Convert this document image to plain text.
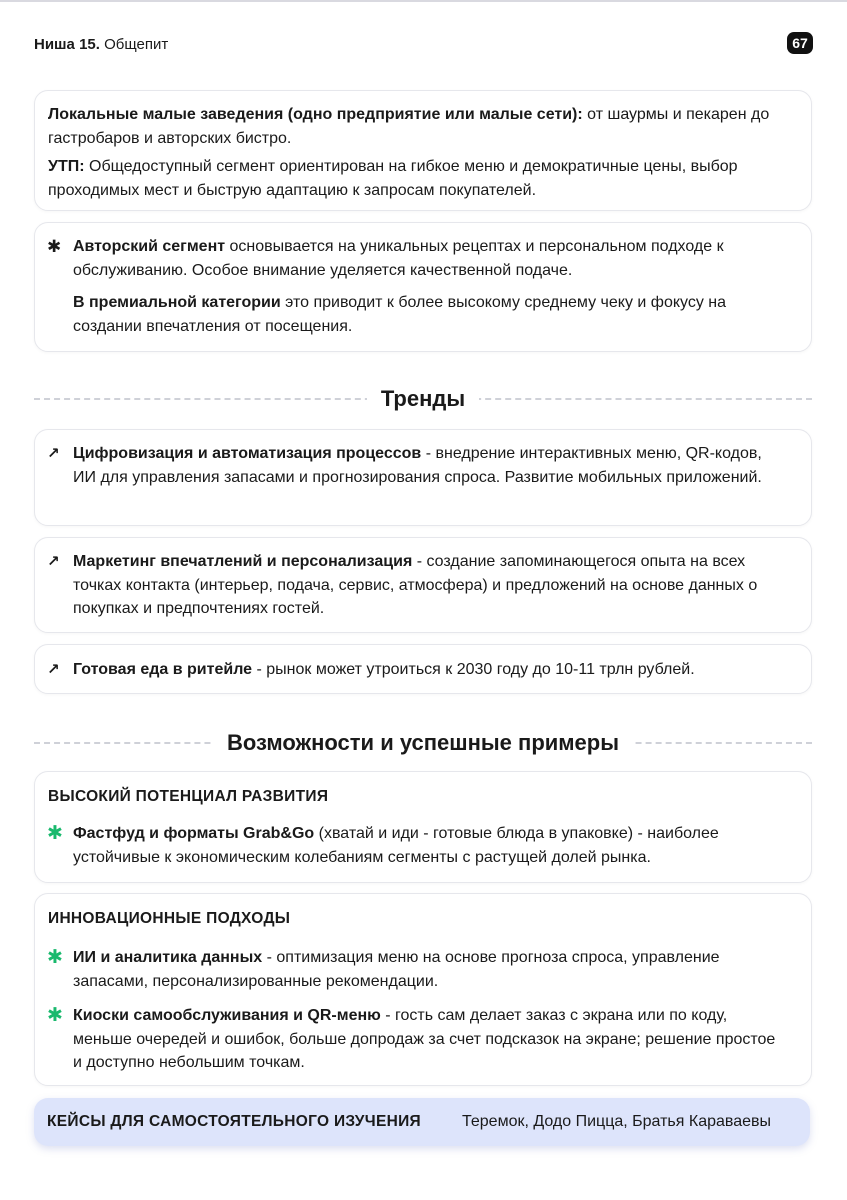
Ниша 15. Общепит	67
Локальные малые заведения (одно предприятие или малые сети): от шаурмы и пекарен до гастробаров и авторских бистро.
УТП: Общедоступный сегмент ориентирован на гибкое меню и демократичные цены, выбор проходимых мест и быструю адаптацию к запросам покупателей.
✱ Авторский сегмент основывается на уникальных рецептах и персональном подходе к обслуживанию. Особое внимание уделяется качественной подаче.
В премиальной категории это приводит к более высокому среднему чеку и фокусу на создании впечатления от посещения.
Тренды
↗ Цифровизация и автоматизация процессов - внедрение интерактивных меню, QR-кодов, ИИ для управления запасами и прогнозирования спроса. Развитие мобильных приложений.
↗ Маркетинг впечатлений и персонализация - создание запоминающегося опыта на всех точках контакта (интерьер, подача, сервис, атмосфера) и предложений на основе данных о покупках и предпочтениях гостей.
↗ Готовая еда в ритейле - рынок может утроиться к 2030 году до 10-11 трлн рублей.
Возможности и успешные примеры
ВЫСОКИЙ ПОТЕНЦИАЛ РАЗВИТИЯ
✱ Фастфуд и форматы Grab&Go (хватай и иди - готовые блюда в упаковке) - наиболее устойчивые к экономическим колебаниям сегменты с растущей долей рынка.
ИННОВАЦИОННЫЕ ПОДХОДЫ
✱ ИИ и аналитика данных - оптимизация меню на основе прогноза спроса, управление запасами, персонализированные рекомендации.
✱ Киоски самообслуживания и QR-меню - гость сам делает заказ с экрана или по коду, меньше очередей и ошибок, больше допродаж за счет подсказок на экране; решение простое и доступно небольшим точкам.
КЕЙСЫ ДЛЯ САМОСТОЯТЕЛЬНОГО ИЗУЧЕНИЯ	Теремок, Додо Пицца, Братья Караваевы
